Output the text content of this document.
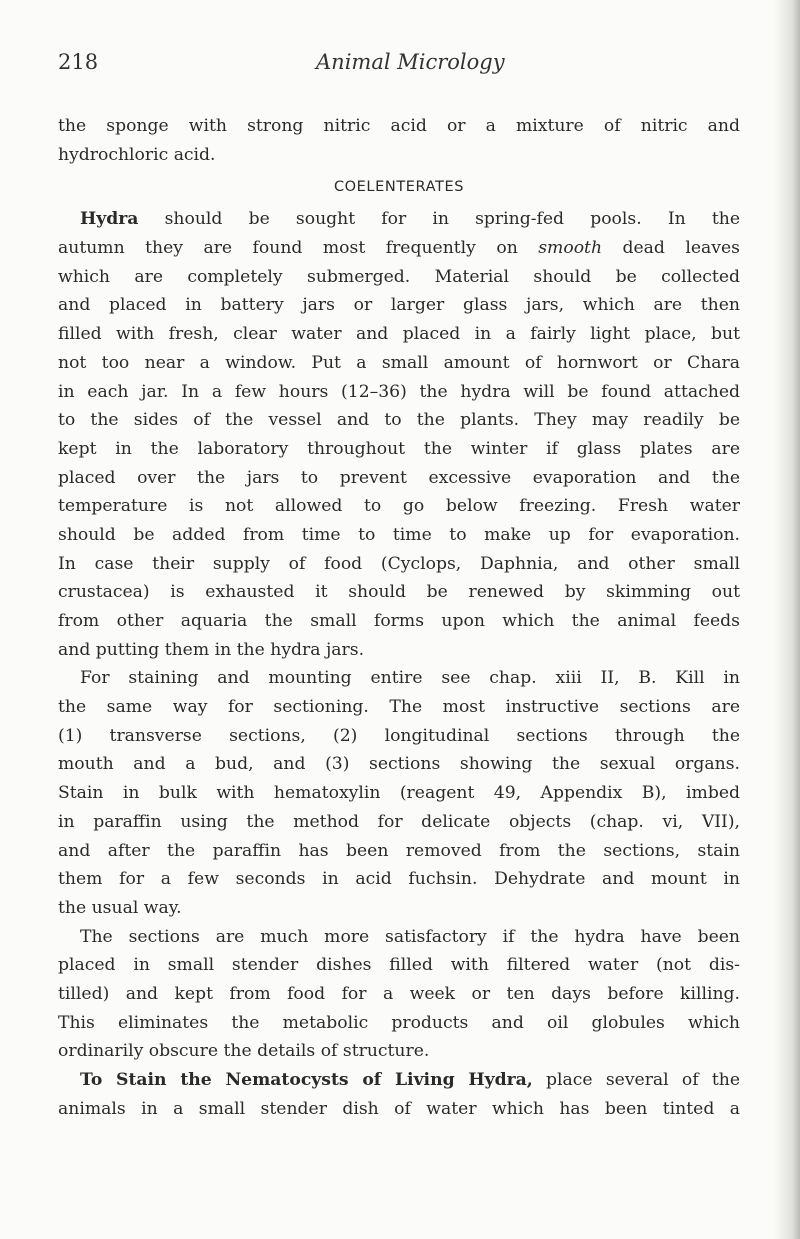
218	Animal Micrology
the sponge with strong nitric acid or a mixture of nitric and
hydrochloric acid.
COELENTERATES
Hydra should be sought for in spring-fed pools. In the
autumn they are found most frequently on smooth dead leaves
which are completely submerged. Material should be collected
and placed in battery jars or larger glass jars, which are then
filled with fresh, clear water and placed in a fairly light place, but
not too near a window. Put a small amount of hornwort or Chara
in each jar. In a few hours (12–36) the hydra will be found attached
to the sides of the vessel and to the plants. They may readily be
kept in the laboratory throughout the winter if glass plates are
placed over the jars to prevent excessive evaporation and the
temperature is not allowed to go below freezing. Fresh water
should be added from time to time to make up for evaporation.
In case their supply of food (Cyclops, Daphnia, and other small
crustacea) is exhausted it should be renewed by skimming out
from other aquaria the small forms upon which the animal feeds
and putting them in the hydra jars.
For staining and mounting entire see chap. xiii II, B. Kill in
the same way for sectioning. The most instructive sections are
(1) transverse sections, (2) longitudinal sections through the
mouth and a bud, and (3) sections showing the sexual organs.
Stain in bulk with hematoxylin (reagent 49, Appendix B), imbed
in paraffin using the method for delicate objects (chap. vi, VII),
and after the paraffin has been removed from the sections, stain
them for a few seconds in acid fuchsin. Dehydrate and mount in
the usual way.
The sections are much more satisfactory if the hydra have been
placed in small stender dishes filled with filtered water (not dis-
tilled) and kept from food for a week or ten days before killing.
This eliminates the metabolic products and oil globules which
ordinarily obscure the details of structure.
To Stain the Nematocysts of Living Hydra, place several of the
animals in a small stender dish of water which has been tinted a
